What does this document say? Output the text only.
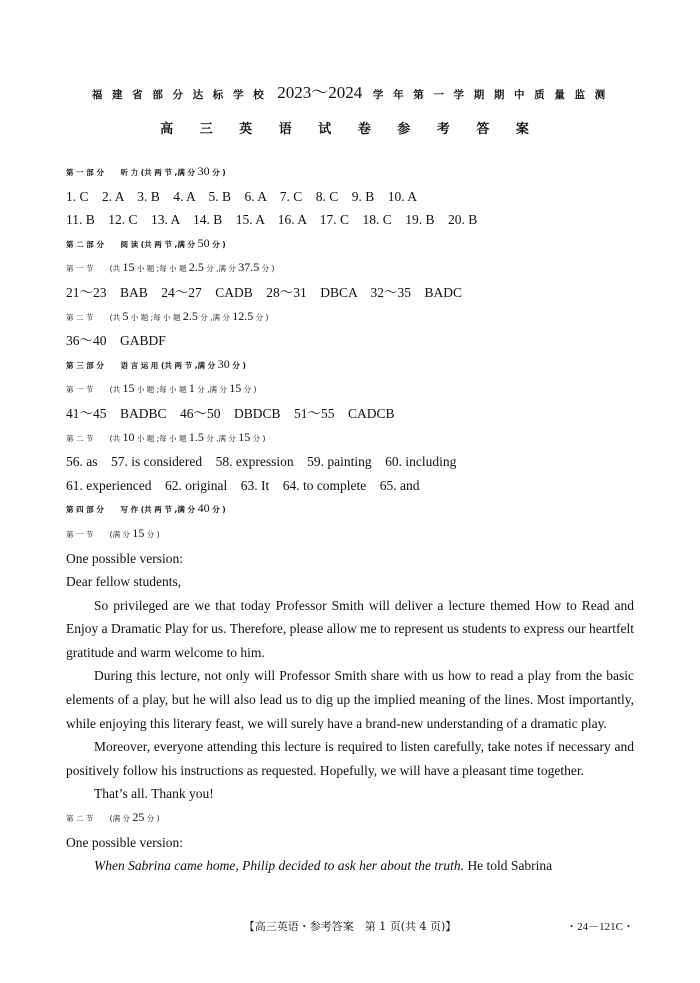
福 建 省 部 分 达 标 学 校 2023～2024 学 年 第 一 学 期 期 中 质 量 监 测
高 三 英 语 试 卷 参 考 答 案
第 一 部 分 听 力 (共 两 节 ,满 分 30 分 )
1. C　2. A　3. B　4. A　5. B　6. A　7. C　8. C　9. B　10. A
11. B　12. C　13. A　14. B　15. A　16. A　17. C　18. C　19. B　20. B
第 二 部 分 阅 读 (共 两 节 ,满 分 50 分 )
第 一 节 (共 15 小 题 ;每 小 题 2.5 分 ,满 分 37.5 分 )
21～23　BAB　24～27　CADB　28～31　DBCA　32～35　BADC
第 二 节 (共 5 小 题 ;每 小 题 2.5 分 ,满 分 12.5 分 )
36～40　GABDF
第 三 部 分 语 言 运 用 (共 两 节 ,满 分 30 分 )
第 一 节 (共 15 小 题 ;每 小 题 1 分 ,满 分 15 分 )
41～45　BADBC　46～50　DBDCB　51～55　CADCB
第 二 节 (共 10 小 题 ;每 小 题 1.5 分 ,满 分 15 分 )
56. as　57. is considered　58. expression　59. painting　60. including
61. experienced　62. original　63. It　64. to complete　65. and
第 四 部 分 写 作 (共 两 节 ,满 分 40 分 )
第 一 节 (满 分 15 分 )
One possible version:
Dear fellow students,
So privileged are we that today Professor Smith will deliver a lecture themed How to Read and Enjoy a Dramatic Play for us. Therefore, please allow me to represent us students to express our heartfelt gratitude and warm welcome to him.
During this lecture, not only will Professor Smith share with us how to read a play from the basic elements of a play, but he will also lead us to dig up the implied meaning of the lines. Most importantly, while enjoying this literary feast, we will surely have a brand-new understanding of a dramatic play.
Moreover, everyone attending this lecture is required to listen carefully, take notes if necessary and positively follow his instructions as requested. Hopefully, we will have a pleasant time together.
That’s all. Thank you!
第 二 节 (满 分 25 分 )
One possible version:
When Sabrina came home, Philip decided to ask her about the truth. He told Sabrina
【高三英语・参考答案　第 1 页(共 4 页)】	・24－121C・
